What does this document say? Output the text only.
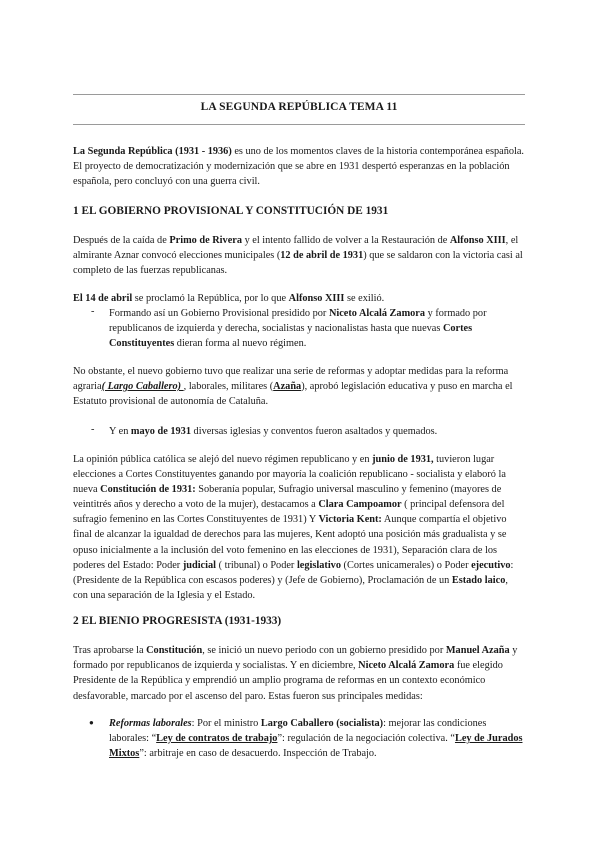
LA SEGUNDA REPÚBLICA TEMA 11

La Segunda República (1931 - 1936) es uno de los momentos claves de la historia contemporánea española. El proyecto de democratización y modernización que se abre en 1931 despertó esperanzas en la población española, pero concluyó con una guerra civil.

1 EL GOBIERNO PROVISIONAL Y CONSTITUCIÓN DE 1931

Después de la caída de Primo de Rivera y el intento fallido de volver a la Restauración de Alfonso XIII, el almirante Aznar convocó elecciones municipales (12 de abril de 1931) que se saldaron con la victoria casi al completo de las fuerzas republicanas.

El 14 de abril se proclamó la República, por lo que Alfonso XIII se exilió.

- Formando así un Gobierno Provisional presidido por Niceto Alcalá Zamora y formado por republicanos de izquierda y derecha, socialistas y nacionalistas hasta que nuevas Cortes Constituyentes dieran forma al nuevo régimen.

No obstante, el nuevo gobierno tuvo que realizar una serie de reformas y adoptar medidas para la reforma agraria( Largo Caballero) , laborales, militares (Azaña), aprobó legislación educativa y puso en marcha el Estatuto provisional de autonomía de Cataluña.

- Y en mayo de 1931 diversas iglesias y conventos fueron asaltados y quemados.

La opinión pública católica se alejó del nuevo régimen republicano y en junio de 1931, tuvieron lugar elecciones a Cortes Constituyentes ganando por mayoría la coalición republicano - socialista y elaboró la nueva Constitución de 1931: Soberanía popular, Sufragio universal masculino y femenino (mayores de veintitrés años y derecho a voto de la mujer), destacamos a Clara Campoamor ( principal defensora del sufragio femenino en las Cortes Constituyentes de 1931) Y Victoria Kent: Aunque compartía el objetivo final de alcanzar la igualdad de derechos para las mujeres, Kent adoptó una posición más gradualista y se opuso inicialmente a la inclusión del voto femenino en las elecciones de 1931), Separación clara de los poderes del Estado: Poder judicial ( tribunal) o Poder legislativo (Cortes unicamerales) o Poder ejecutivo: (Presidente de la República con escasos poderes) y (Jefe de Gobierno), Proclamación de un Estado laico, con una separación de la Iglesia y el Estado.

2 EL BIENIO PROGRESISTA (1931-1933)

Tras aprobarse la Constitución, se inició un nuevo periodo con un gobierno presidido por Manuel Azaña y formado por republicanos de izquierda y socialistas. Y en diciembre, Niceto Alcalá Zamora fue elegido Presidente de la República y emprendió un amplio programa de reformas en un contexto económico desfavorable, marcado por el ascenso del paro. Estas fueron sus principales medidas:

● Reformas laborales: Por el ministro Largo Caballero (socialista): mejorar las condiciones laborales: “Ley de contratos de trabajo”: regulación de la negociación colectiva. “Ley de Jurados Mixtos”: arbitraje en caso de desacuerdo. Inspección de Trabajo.
